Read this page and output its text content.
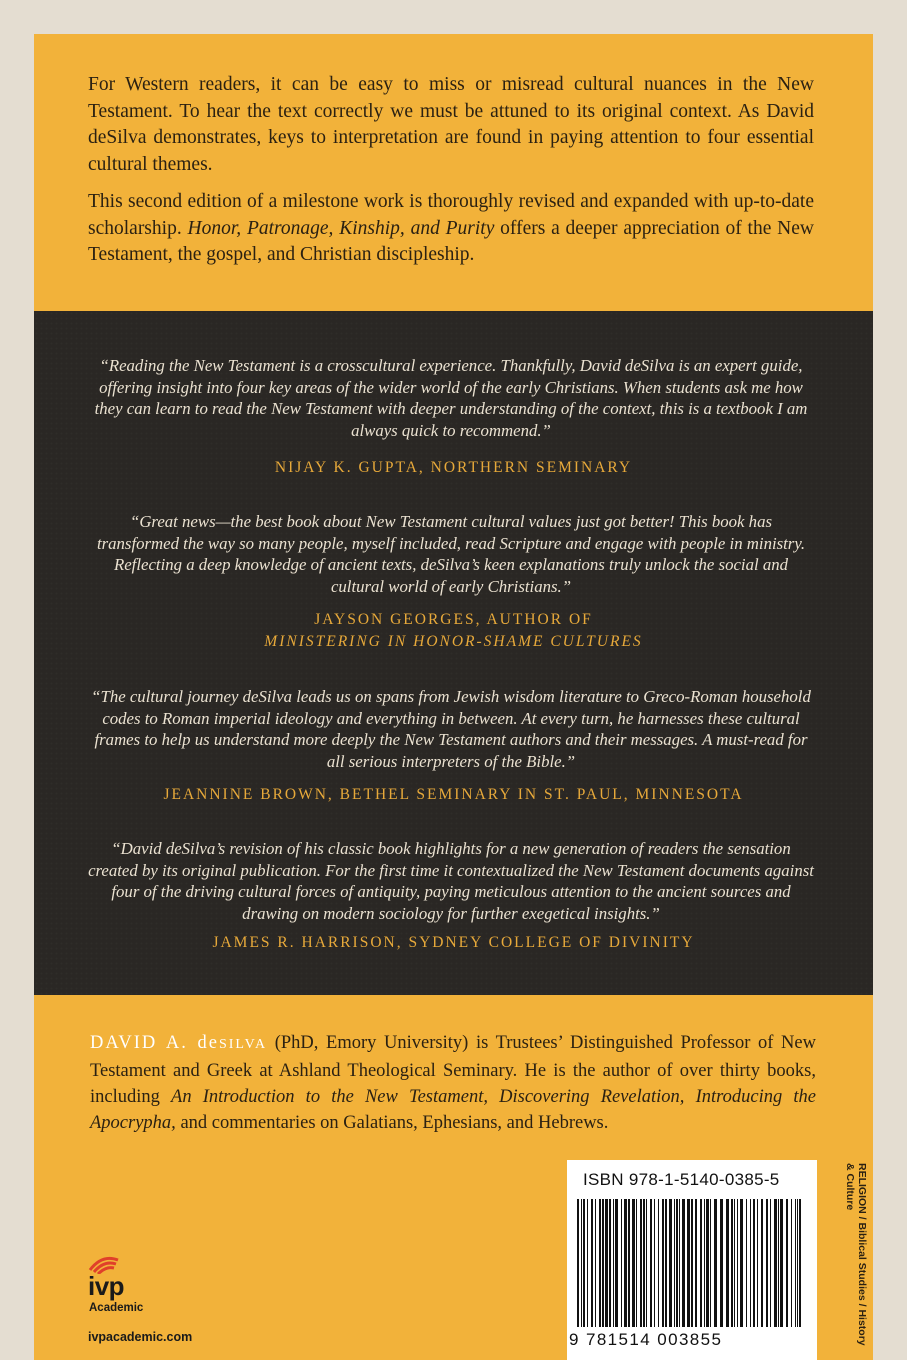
For Western readers, it can be easy to miss or misread cultural nuances in the New Testament. To hear the text correctly we must be attuned to its original context. As David deSilva demonstrates, keys to interpretation are found in paying attention to four essential cultural themes.

This second edition of a milestone work is thoroughly revised and expanded with up-to-date scholarship. Honor, Patronage, Kinship, and Purity offers a deeper appreciation of the New Testament, the gospel, and Christian discipleship.

“Reading the New Testament is a crosscultural experience. Thankfully, David deSilva is an expert guide, offering insight into four key areas of the wider world of the early Christians. When students ask me how they can learn to read the New Testament with deeper understanding of the context, this is a textbook I am always quick to recommend.”
NIJAY K. GUPTA, NORTHERN SEMINARY
“Great news—the best book about New Testament cultural values just got better! This book has transformed the way so many people, myself included, read Scripture and engage with people in ministry. Reflecting a deep knowledge of ancient texts, deSilva’s keen explanations truly unlock the social and cultural world of early Christians.”
JAYSON GEORGES, AUTHOR OF
MINISTERING IN HONOR-SHAME CULTURES
“The cultural journey deSilva leads us on spans from Jewish wisdom literature to Greco-Roman household codes to Roman imperial ideology and everything in between. At every turn, he harnesses these cultural frames to help us understand more deeply the New Testament authors and their messages. A must-read for all serious interpreters of the Bible.”
JEANNINE BROWN, BETHEL SEMINARY IN ST. PAUL, MINNESOTA
“David deSilva’s revision of his classic book highlights for a new generation of readers the sensation created by its original publication. For the first time it contextualized the New Testament documents against four of the driving cultural forces of antiquity, paying meticulous attention to the ancient sources and drawing on modern sociology for further exegetical insights.”
JAMES R. HARRISON, SYDNEY COLLEGE OF DIVINITY
DAVID A. deSILVA (PhD, Emory University) is Trustees’ Distinguished Professor of New Testament and Greek at Ashland Theological Seminary. He is the author of over thirty books, including An Introduction to the New Testament, Discovering Revelation, Introducing the Apocrypha, and commentaries on Galatians, Ephesians, and Hebrews.
ISBN 978-1-5140-0385-5
9 781514 003855	RELIGION / Biblical Studies / History & Culture
ivp
Academic
ivpacademic.com
